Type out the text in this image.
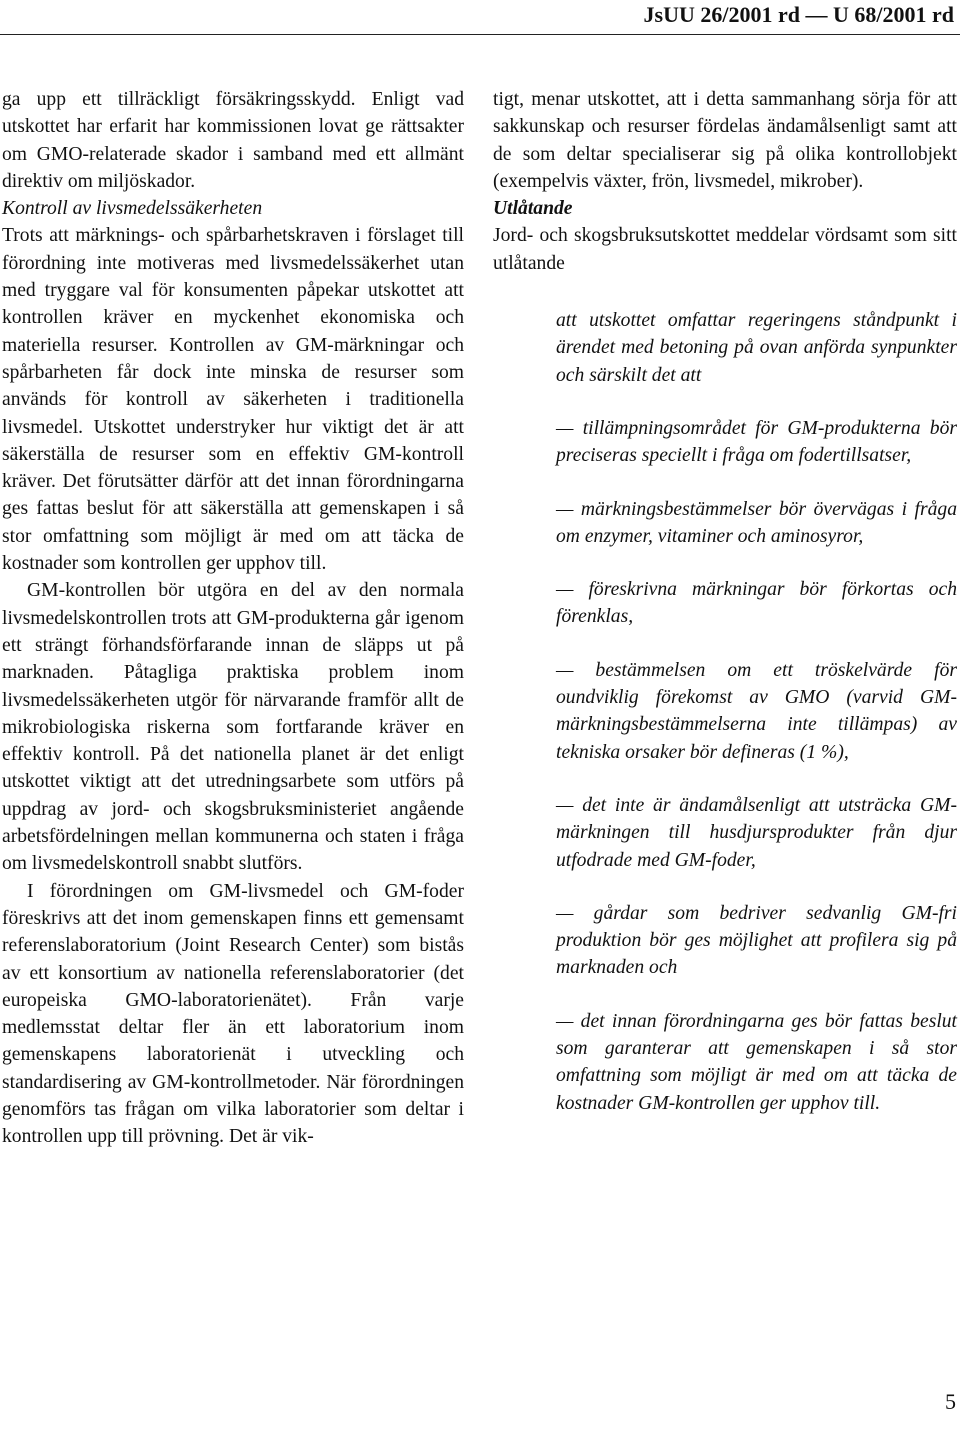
JsUU 26/2001 rd — U 68/2001 rd

ga upp ett tillräckligt försäkringsskydd. Enligt vad utskottet har erfarit har kommissionen lovat ge rättsakter om GMO-relaterade skador i samband med ett allmänt direktiv om miljöskador.

Kontroll av livsmedelssäkerheten

Trots att märknings- och spårbarhetskraven i förslaget till förordning inte motiveras med livsmedelssäkerhet utan med tryggare val för konsumenten påpekar utskottet att kontrollen kräver en myckenhet ekonomiska och materiella resurser. Kontrollen av GM-märkningar och spårbarheten får dock inte minska de resurser som används för kontroll av säkerheten i traditionella livsmedel. Utskottet understryker hur viktigt det är att säkerställa de resurser som en effektiv GM-kontroll kräver. Det förutsätter därför att det innan förordningarna ges fattas beslut för att säkerställa att gemenskapen i så stor omfattning som möjligt är med om att täcka de kostnader som kontrollen ger upphov till.

GM-kontrollen bör utgöra en del av den normala livsmedelskontrollen trots att GM-produkterna går igenom ett strängt förhandsförfarande innan de släpps ut på marknaden. Påtagliga praktiska problem inom livsmedelssäkerheten utgör för närvarande framför allt de mikrobiologiska riskerna som fortfarande kräver en effektiv kontroll. På det nationella planet är det enligt utskottet viktigt att det utredningsarbete som utförs på uppdrag av jord- och skogsbruksministeriet angående arbetsfördelningen mellan kommunerna och staten i fråga om livsmedelskontroll snabbt slutförs.

I förordningen om GM-livsmedel och GM-foder föreskrivs att det inom gemenskapen finns ett gemensamt referenslaboratorium (Joint Research Center) som bistås av ett konsortium av nationella referenslaboratorier (det europeiska GMO-laboratorienätet). Från varje medlemsstat deltar fler än ett laboratorium inom gemenskapens laboratorienät i utveckling och standardisering av GM-kontrollmetoder. När förordningen genomförs tas frågan om vilka laboratorier som deltar i kontrollen upp till prövning. Det är vik-

tigt, menar utskottet, att i detta sammanhang sörja för att sakkunskap och resurser fördelas ändamålsenligt samt att de som deltar specialiserar sig på olika kontrollobjekt (exempelvis växter, frön, livsmedel, mikrober).

Utlåtande

Jord- och skogsbruksutskottet meddelar vördsamt som sitt utlåtande

att utskottet omfattar regeringens ståndpunkt i ärendet med betoning på ovan anförda synpunkter och särskilt det att

— tillämpningsområdet för GM-produkterna bör preciseras speciellt i fråga om fodertillsatser,

— märkningsbestämmelser bör övervägas i fråga om enzymer, vitaminer och aminosyror,

— föreskrivna märkningar bör förkortas och förenklas,

— bestämmelsen om ett tröskelvärde för oundviklig förekomst av GMO (varvid GM-märkningsbestämmelserna inte tillämpas) av tekniska orsaker bör defineras (1 %),

— det inte är ändamålsenligt att utsträcka GM-märkningen till husdjursprodukter från djur utfodrade med GM-foder,

— gårdar som bedriver sedvanlig GM-fri produktion bör ges möjlighet att profilera sig på marknaden och

— det innan förordningarna ges bör fattas beslut som garanterar att gemenskapen i så stor omfattning som möjligt är med om att täcka de kostnader GM-kontrollen ger upphov till.

5
